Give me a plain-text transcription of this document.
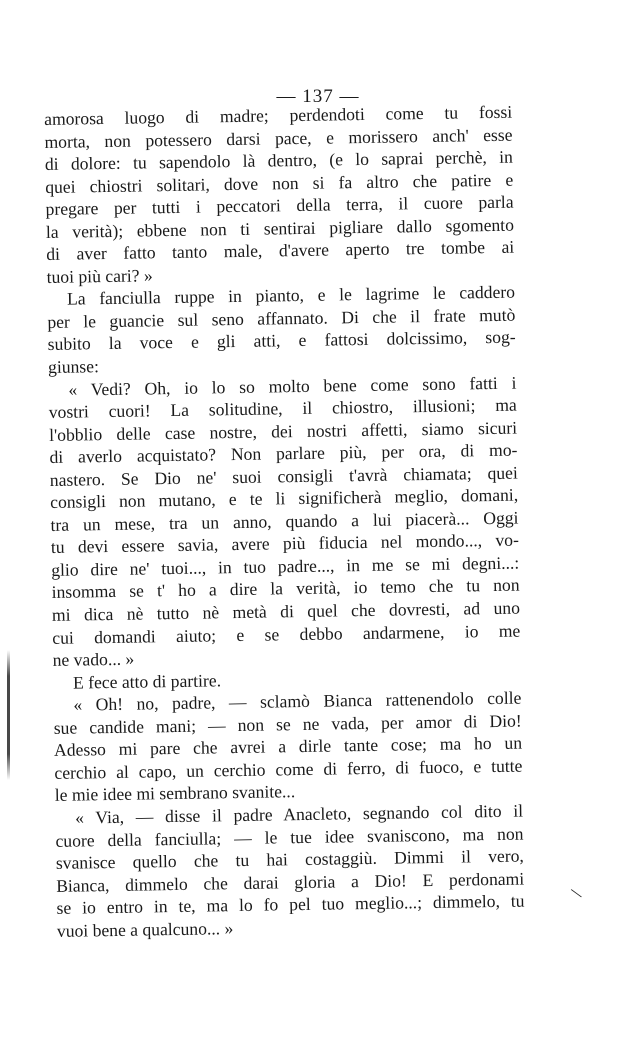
— 137 —
amorosa luogo di madre; perdendoti come tu fossi
morta, non potessero darsi pace, e morissero anch' esse
di dolore: tu sapendolo là dentro, (e lo saprai perchè, in
quei chiostri solitari, dove non si fa altro che patire e
pregare per tutti i peccatori della terra, il cuore parla
la verità); ebbene non ti sentirai pigliare dallo sgomento
di aver fatto tanto male, d'avere aperto tre tombe ai
tuoi più cari? »
La fanciulla ruppe in pianto, e le lagrime le caddero
per le guancie sul seno affannato. Di che il frate mutò
subito la voce e gli atti, e fattosi dolcissimo, sog-
giunse:
« Vedi? Oh, io lo so molto bene come sono fatti i
vostri cuori! La solitudine, il chiostro, illusioni; ma
l'obblio delle case nostre, dei nostri affetti, siamo sicuri
di averlo acquistato? Non parlare più, per ora, di mo-
nastero. Se Dio ne' suoi consigli t'avrà chiamata; quei
consigli non mutano, e te li significherà meglio, domani,
tra un mese, tra un anno, quando a lui piacerà... Oggi
tu devi essere savia, avere più fiducia nel mondo..., vo-
glio dire ne' tuoi..., in tuo padre..., in me se mi degni...:
insomma se t' ho a dire la verità, io temo che tu non
mi dica nè tutto nè metà di quel che dovresti, ad uno
cui domandi aiuto; e se debbo andarmene, io me
ne vado... »
E fece atto di partire.
« Oh! no, padre, — sclamò Bianca rattenendolo colle
sue candide mani; — non se ne vada, per amor di Dio!
Adesso mi pare che avrei a dirle tante cose; ma ho un
cerchio al capo, un cerchio come di ferro, di fuoco, e tutte
le mie idee mi sembrano svanite...
« Via, — disse il padre Anacleto, segnando col dito il
cuore della fanciulla; — le tue idee svaniscono, ma non
svanisce quello che tu hai costaggiù. Dimmi il vero,
Bianca, dimmelo che darai gloria a Dio! E perdonami
se io entro in te, ma lo fo pel tuo meglio...; dimmelo, tu
vuoi bene a qualcuno... »
\
